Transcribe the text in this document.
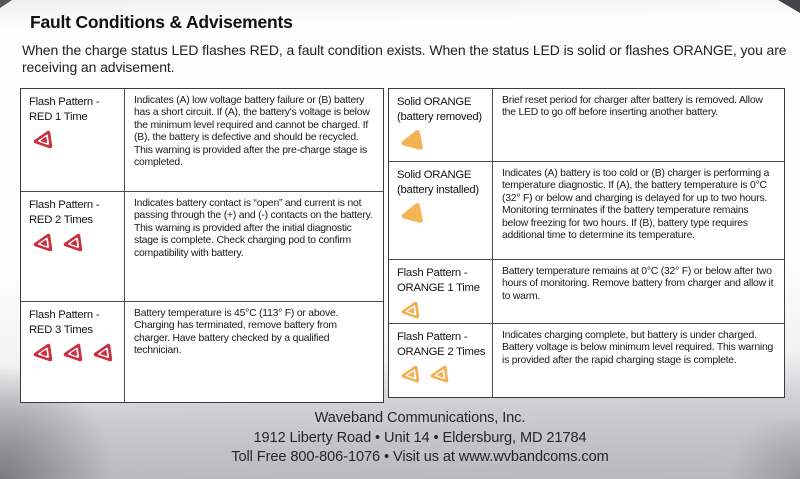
Fault Conditions & Advisements

When the charge status LED flashes RED, a fault condition exists. When the status LED is solid or flashes ORANGE, you are receiving an advisement.

Flash Pattern -
RED 1 Time
Indicates (A) low voltage battery failure or (B) battery has a short circuit. If (A), the battery's voltage is below the minimum level required and cannot be charged. If (B), the battery is defective and should be recycled. This warning is provided after the pre-charge stage is completed.
Flash Pattern -
RED 2 Times
Indicates battery contact is “open” and current is not passing through the (+) and (-) contacts on the battery. This warning is provided after the initial diagnostic stage is complete. Check charging pod to confirm compatibility with battery.
Flash Pattern -
RED 3 Times
Battery temperature is 45°C (113° F) or above. Charging has terminated, remove battery from charger. Have battery checked by a qualified technician.
Solid ORANGE
(battery removed)
Brief reset period for charger after battery is removed. Allow the LED to go off before inserting another battery.
Solid ORANGE
(battery installed)
Indicates (A) battery is too cold or (B) charger is performing a temperature diagnostic. If (A), the battery temperature is 0°C (32° F) or below and charging is delayed for up to two hours. Monitoring terminates if the battery temperature remains below freezing for two hours. If (B), battery type requires additional time to determine its temperature.
Flash Pattern -
ORANGE 1 Time
Battery temperature remains at 0°C (32° F) or below after two hours of monitoring. Remove battery from charger and allow it to warm.
Flash Pattern -
ORANGE 2 Times
Indicates charging complete, but battery is under charged. Battery voltage is below minimum level required. This warning is provided after the rapid charging stage is complete.
Waveband Communications, Inc.
1912 Liberty Road • Unit 14 • Eldersburg, MD 21784
Toll Free 800-806-1076 • Visit us at www.wvbandcoms.com
